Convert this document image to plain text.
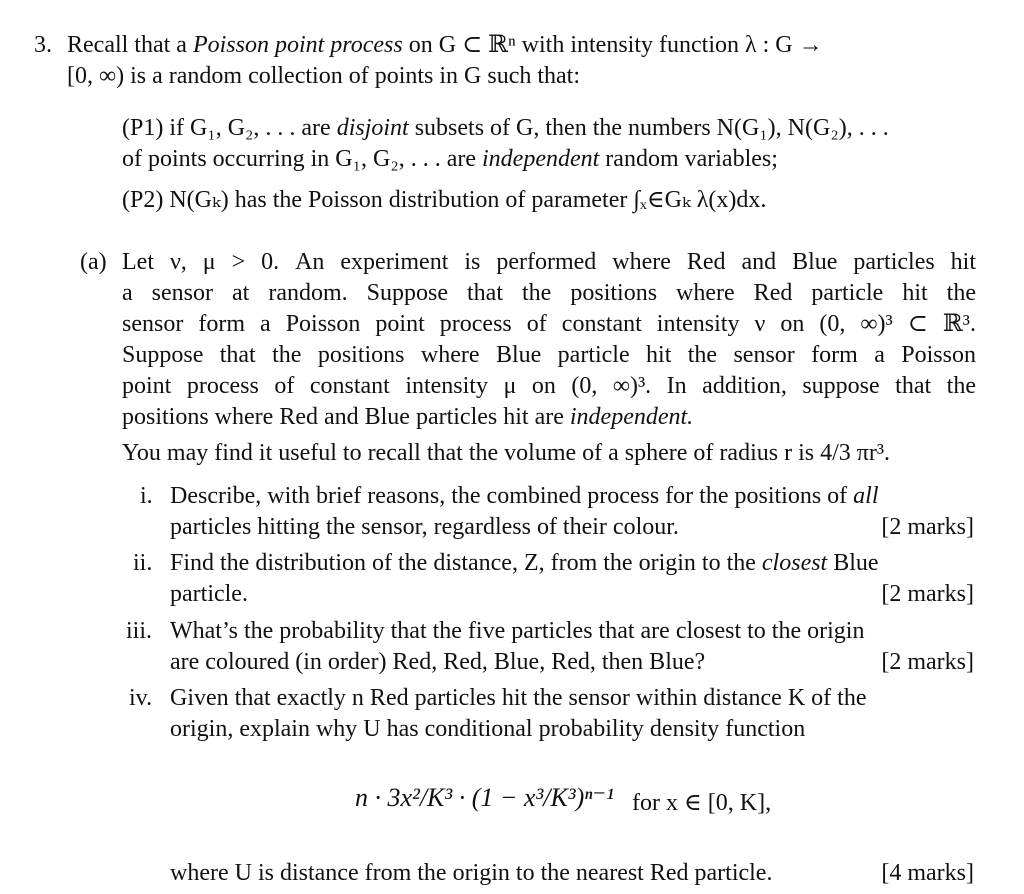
3. Recall that a Poisson point process on G ⊂ ℝⁿ with intensity function λ : G →
[0, ∞) is a random collection of points in G such that:
(P1) if G₁, G₂, . . . are disjoint subsets of G, then the numbers N(G₁), N(G₂), . . .
of points occurring in G₁, G₂, . . . are independent random variables;
(P2) N(Gₖ) has the Poisson distribution of parameter ∫ₓ∈Gₖ λ(x)dx.
(a) Let ν, μ > 0. An experiment is performed where Red and Blue particles hit
a sensor at random. Suppose that the positions where Red particle hit the
sensor form a Poisson point process of constant intensity ν on (0, ∞)³ ⊂ ℝ³.
Suppose that the positions where Blue particle hit the sensor form a Poisson
point process of constant intensity μ on (0, ∞)³. In addition, suppose that the
positions where Red and Blue particles hit are independent.
You may find it useful to recall that the volume of a sphere of radius r is 4/3 πr³.
i. Describe, with brief reasons, the combined process for the positions of all
particles hitting the sensor, regardless of their colour.	[2 marks]
ii. Find the distribution of the distance, Z, from the origin to the closest Blue
particle.	[2 marks]
iii. What’s the probability that the five particles that are closest to the origin
are coloured (in order) Red, Red, Blue, Red, then Blue?	[2 marks]
iv. Given that exactly n Red particles hit the sensor within distance K of the
origin, explain why U has conditional probability density function
n · 3x²/K³ · (1 − x³/K³)ⁿ⁻¹ for x ∈ [0, K],
where U is distance from the origin to the nearest Red particle.	[4 marks]
